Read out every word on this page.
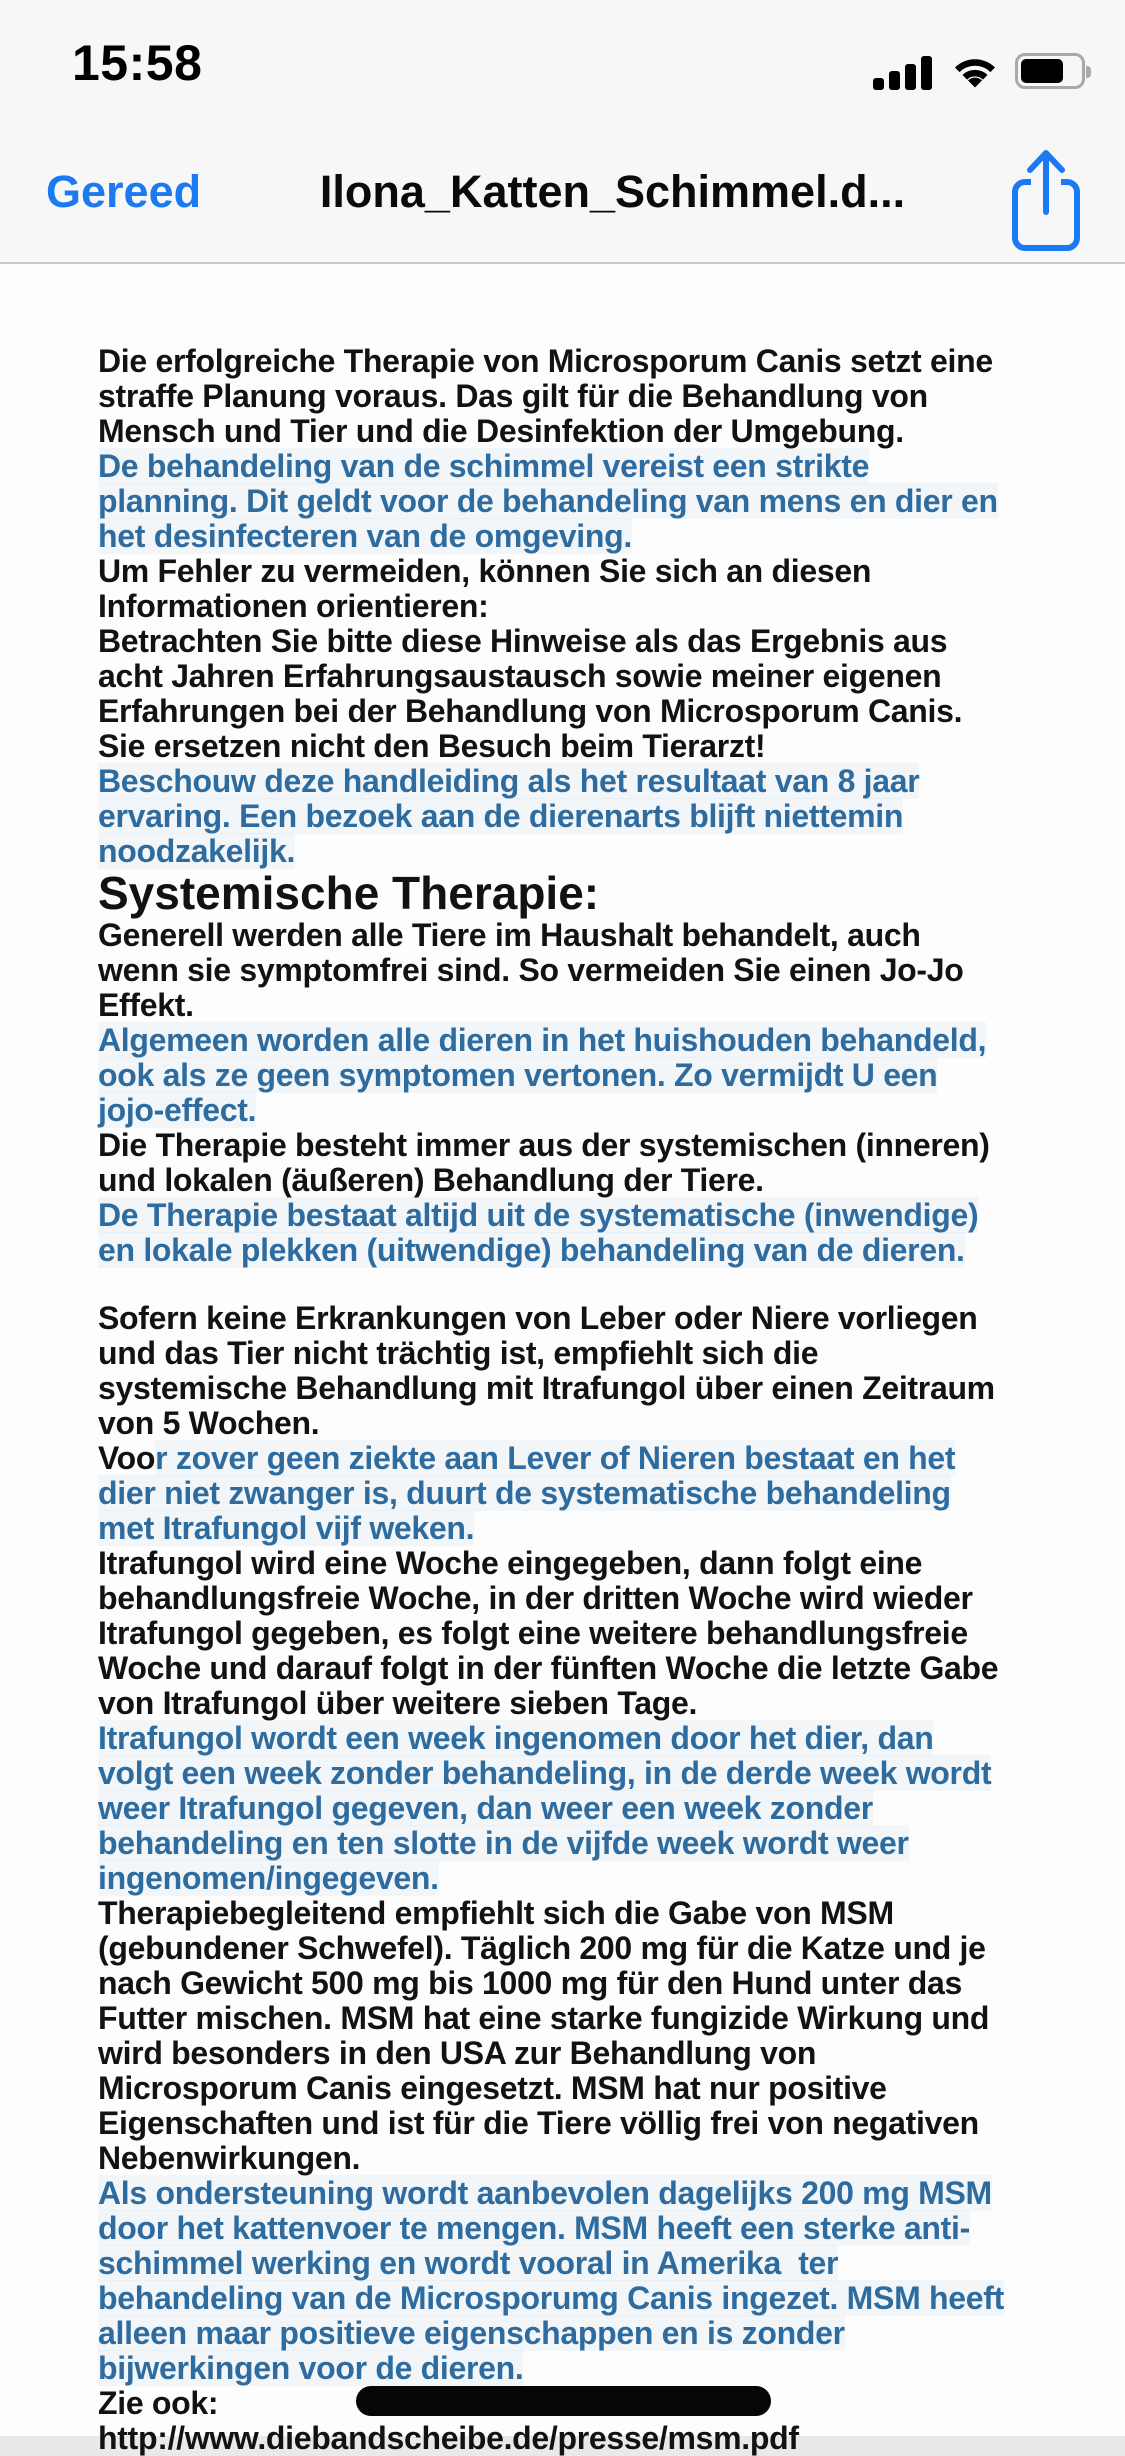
15:58
Gereed	Ilona_Katten_Schimmel.d...
Die erfolgreiche Therapie von Microsporum Canis setzt eine
straffe Planung voraus. Das gilt für die Behandlung von
Mensch und Tier und die Desinfektion der Umgebung.
De behandeling van de schimmel vereist een strikte
planning. Dit geldt voor de behandeling van mens en dier en
het desinfecteren van de omgeving.
Um Fehler zu vermeiden, können Sie sich an diesen
Informationen orientieren:
Betrachten Sie bitte diese Hinweise als das Ergebnis aus
acht Jahren Erfahrungsaustausch sowie meiner eigenen
Erfahrungen bei der Behandlung von Microsporum Canis.
Sie ersetzen nicht den Besuch beim Tierarzt!
Beschouw deze handleiding als het resultaat van 8 jaar
ervaring. Een bezoek aan de dierenarts blijft niettemin
noodzakelijk.
Systemische Therapie:
Generell werden alle Tiere im Haushalt behandelt, auch
wenn sie symptomfrei sind. So vermeiden Sie einen Jo-Jo
Effekt.
Algemeen worden alle dieren in het huishouden behandeld,
ook als ze geen symptomen vertonen. Zo vermijdt U een
jojo-effect.
Die Therapie besteht immer aus der systemischen (inneren)
und lokalen (äußeren) Behandlung der Tiere.
De Therapie bestaat altijd uit de systematische (inwendige)
en lokale plekken (uitwendige) behandeling van de dieren.
Sofern keine Erkrankungen von Leber oder Niere vorliegen
und das Tier nicht trächtig ist, empfiehlt sich die
systemische Behandlung mit Itrafungol über einen Zeitraum
von 5 Wochen.
Voor zover geen ziekte aan Lever of Nieren bestaat en het
dier niet zwanger is, duurt de systematische behandeling
met Itrafungol vijf weken.
Itrafungol wird eine Woche eingegeben, dann folgt eine
behandlungsfreie Woche, in der dritten Woche wird wieder
Itrafungol gegeben, es folgt eine weitere behandlungsfreie
Woche und darauf folgt in der fünften Woche die letzte Gabe
von Itrafungol über weitere sieben Tage.
Itrafungol wordt een week ingenomen door het dier, dan
volgt een week zonder behandeling, in de derde week wordt
weer Itrafungol gegeven, dan weer een week zonder
behandeling en ten slotte in de vijfde week wordt weer
ingenomen/ingegeven.
Therapiebegleitend empfiehlt sich die Gabe von MSM
(gebundener Schwefel). Täglich 200 mg für die Katze und je
nach Gewicht 500 mg bis 1000 mg für den Hund unter das
Futter mischen. MSM hat eine starke fungizide Wirkung und
wird besonders in den USA zur Behandlung von
Microsporum Canis eingesetzt. MSM hat nur positive
Eigenschaften und ist für die Tiere völlig frei von negativen
Nebenwirkungen.
Als ondersteuning wordt aanbevolen dagelijks 200 mg MSM
door het kattenvoer te mengen. MSM heeft een sterke anti-
schimmel werking en wordt vooral in Amerika  ter
behandeling van de Microsporumg Canis ingezet. MSM heeft
alleen maar positieve eigenschappen en is zonder
bijwerkingen voor de dieren.
Zie ook:
http://www.diebandscheibe.de/presse/msm.pdf
